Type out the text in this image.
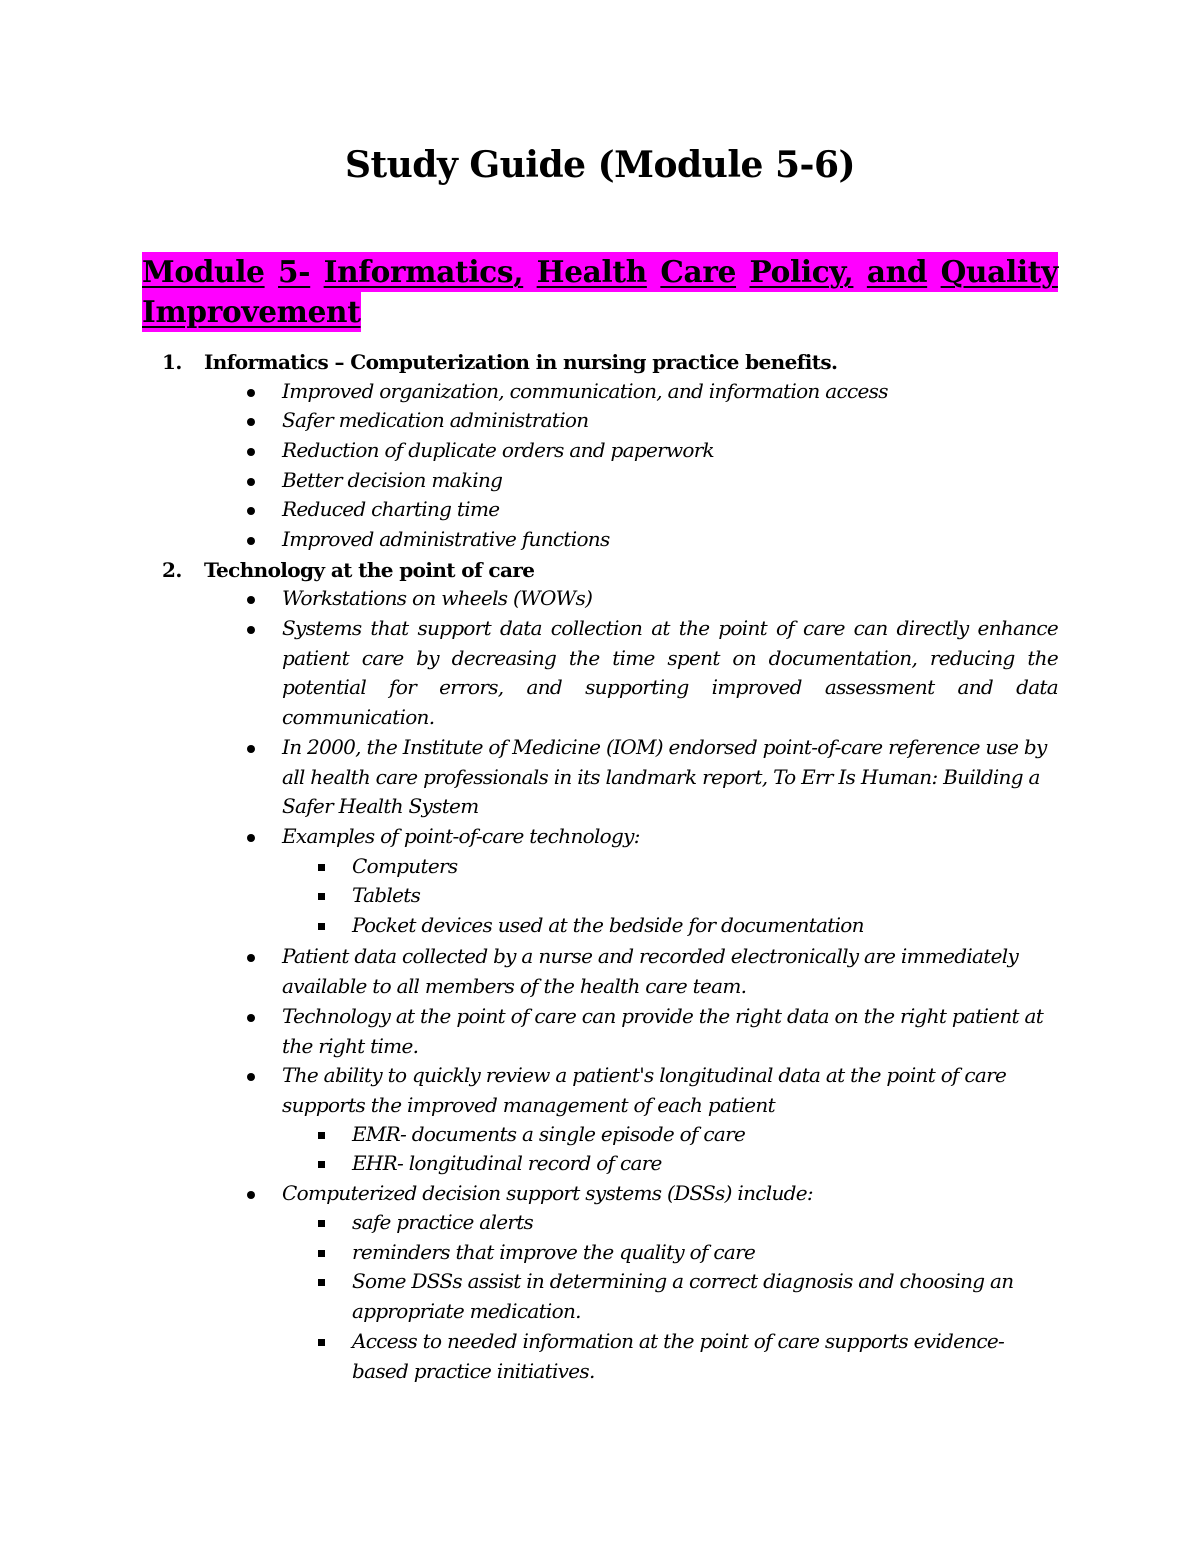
Study Guide (Module 5-6)
Module 5- Informatics, Health Care Policy, and Quality
Improvement
1. Informatics – Computerization in nursing practice benefits.
Improved organization, communication, and information access
Safer medication administration
Reduction of duplicate orders and paperwork
Better decision making
Reduced charting time
Improved administrative functions
2. Technology at the point of care
Workstations on wheels (WOWs)
Systems that support data collection at the point of care can directly enhance patient care by decreasing the time spent on documentation, reducing the potential for errors, and supporting improved assessment and data communication.
In 2000, the Institute of Medicine (IOM) endorsed point-of-care reference use by all health care professionals in its landmark report, To Err Is Human: Building a Safer Health System
Examples of point-of-care technology:
Computers
Tablets
Pocket devices used at the bedside for documentation
Patient data collected by a nurse and recorded electronically are immediately available to all members of the health care team.
Technology at the point of care can provide the right data on the right patient at the right time.
The ability to quickly review a patient's longitudinal data at the point of care supports the improved management of each patient
EMR- documents a single episode of care
EHR- longitudinal record of care
Computerized decision support systems (DSSs) include:
safe practice alerts
reminders that improve the quality of care
Some DSSs assist in determining a correct diagnosis and choosing an appropriate medication.
Access to needed information at the point of care supports evidence-based practice initiatives.
